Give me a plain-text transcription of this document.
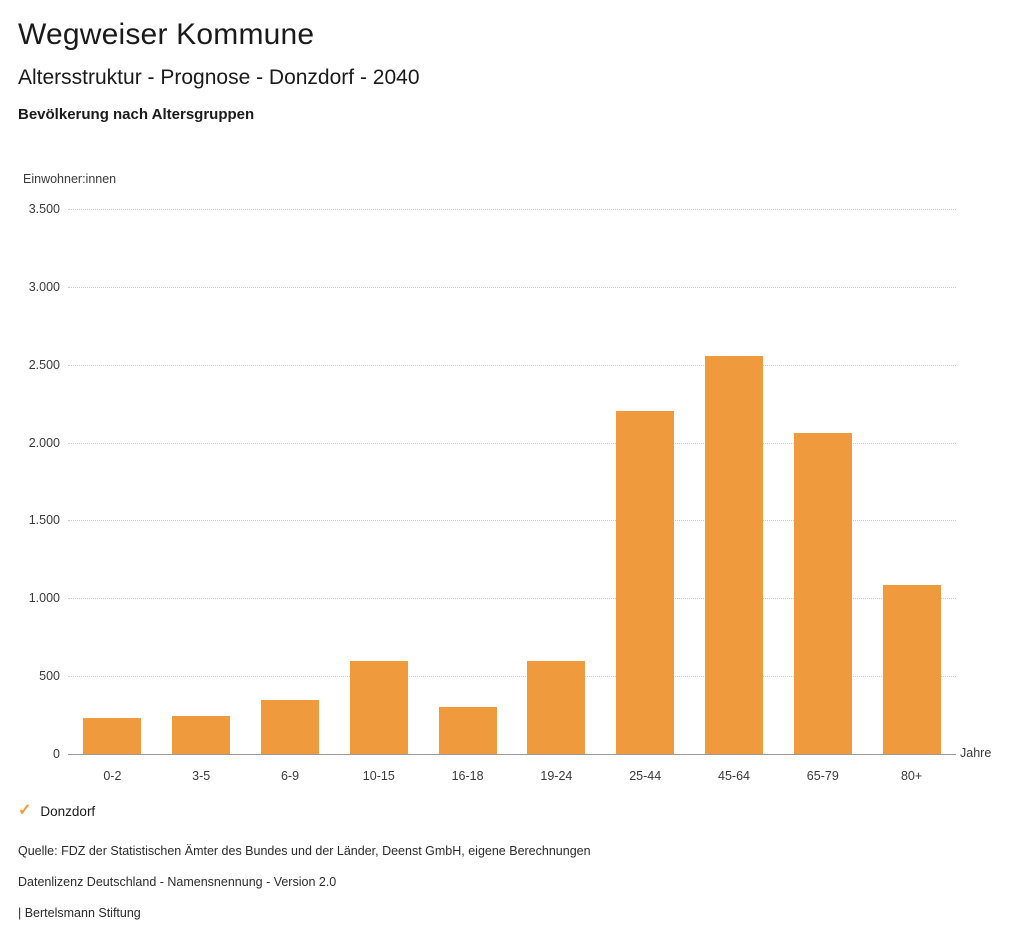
Wegweiser Kommune
Altersstruktur - Prognose - Donzdorf - 2040
Bevölkerung nach Altersgruppen
Einwohner:innen
0
500
1.000
1.500
2.000
2.500
3.000
3.500
0-2	3-5	6-9	10-15	16-18	19-24	25-44	45-64	65-79	80+
Jahre
✓ Donzdorf
Quelle: FDZ der Statistischen Ämter des Bundes und der Länder, Deenst GmbH, eigene Berechnungen
Datenlizenz Deutschland - Namensnennung - Version 2.0
| Bertelsmann Stiftung
